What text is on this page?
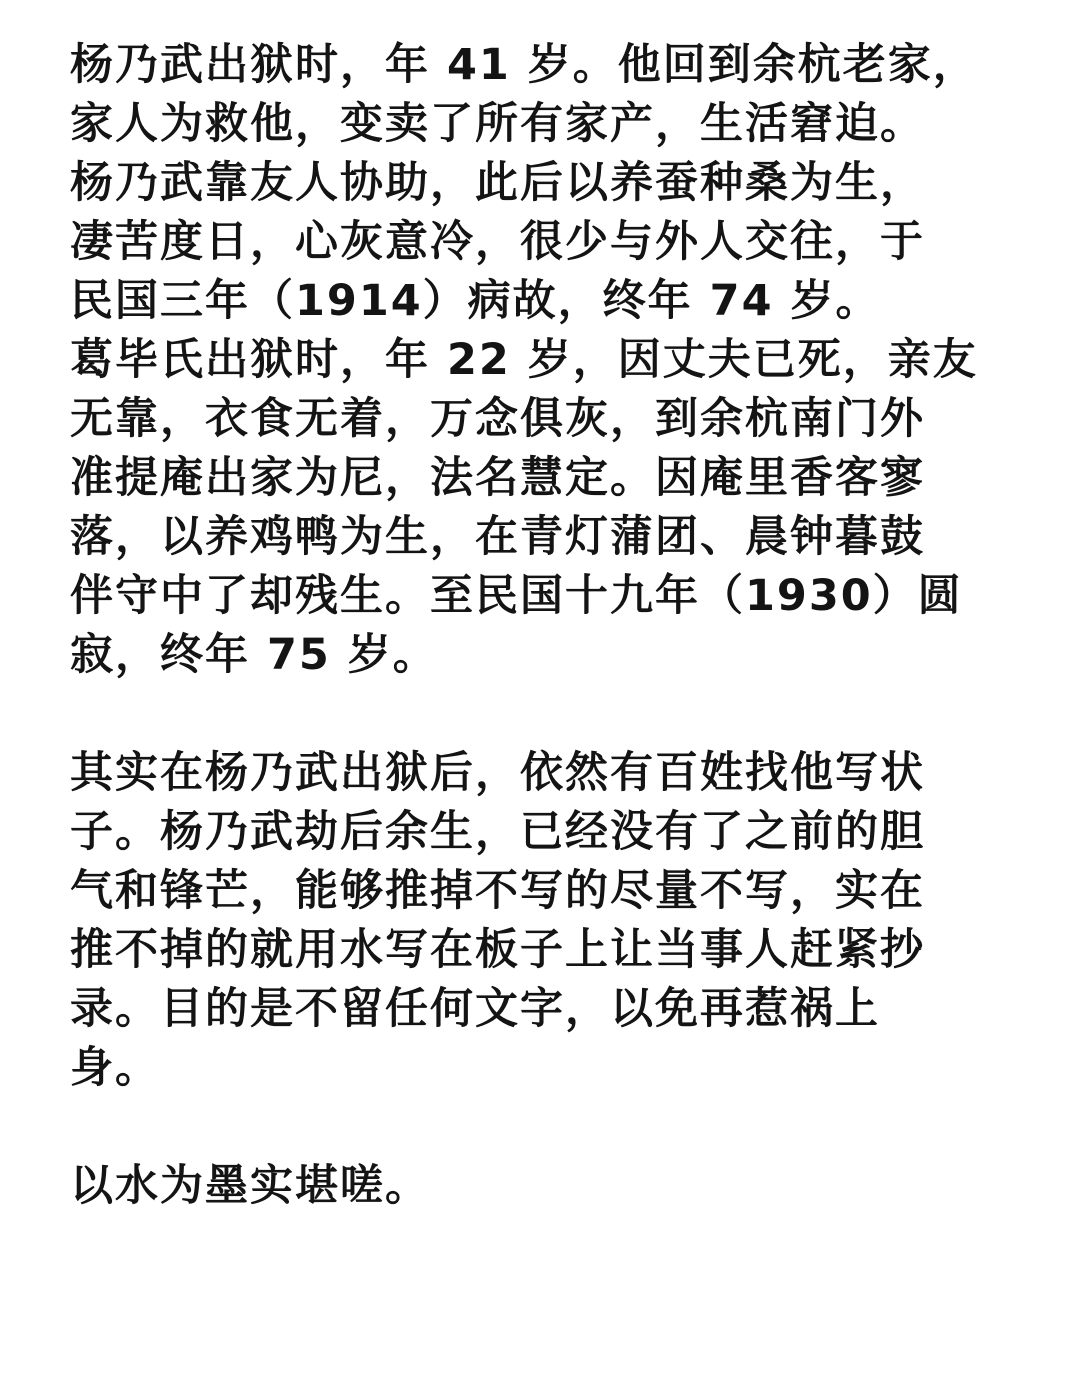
杨乃武出狱时，年 41 岁。他回到余杭老家，
家人为救他，变卖了所有家产，生活窘迫。
杨乃武靠友人协助，此后以养蚕种桑为生，
凄苦度日，心灰意冷，很少与外人交往，于
民国三年（1914）病故，终年 74 岁。
葛毕氏出狱时，年 22 岁，因丈夫已死，亲友
无靠，衣食无着，万念俱灰，到余杭南门外
准提庵出家为尼，法名慧定。因庵里香客寥
落，以养鸡鸭为生，在青灯蒲团、晨钟暮鼓
伴守中了却残生。至民国十九年（1930）圆
寂，终年 75 岁。
其实在杨乃武出狱后，依然有百姓找他写状
子。杨乃武劫后余生，已经没有了之前的胆
气和锋芒，能够推掉不写的尽量不写，实在
推不掉的就用水写在板子上让当事人赶紧抄
录。目的是不留任何文字，以免再惹祸上
身。
以水为墨实堪嗟。
